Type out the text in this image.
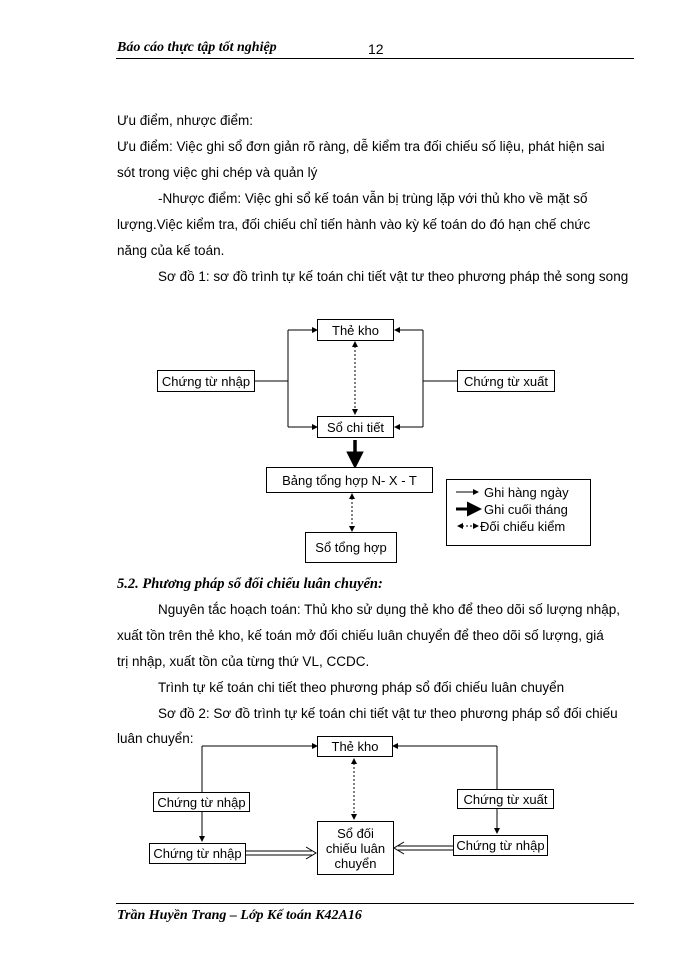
Báo cáo thực tập tốt nghiệp	12
Ưu điểm, nhược điểm:
Ưu điểm: Việc ghi sổ đơn giản rõ ràng, dễ kiểm tra đối chiếu số liệu, phát hiện sai
sót trong việc ghi chép và quản lý
-Nhược điểm: Việc ghi sổ kế toán vẫn bị trùng lặp với thủ kho về mặt số
lượng.Việc kiểm tra, đối chiếu chỉ tiến hành vào kỳ kế toán do đó hạn chế chức
năng của kế toán.
Sơ đồ 1: sơ đồ trình tự kế toán chi tiết vật tư theo phương pháp thẻ song song
Thẻ kho
Chứng từ nhập	Chứng từ xuất
Sổ chi tiết
Bảng tổng hợp N- X - T
Sổ tổng hợp
Ghi hàng ngày
Ghi cuối tháng
Đối chiếu kiểm
5.2. Phương pháp sổ đối chiếu luân chuyển:
Nguyên tắc hoạch toán: Thủ kho sử dụng thẻ kho để theo dõi số lượng nhập,
xuất tồn trên thẻ kho, kế toán mở đối chiếu luân chuyển để theo dõi số lượng, giá
trị nhập, xuất tồn của từng thứ VL, CCDC.
Trình tự kế toán chi tiết theo phương pháp sổ đối chiếu luân chuyển
Sơ đồ 2: Sơ đồ trình tự kế toán chi tiết vật tư theo phương pháp sổ đối chiếu
luân chuyển:
Thẻ kho
Chứng từ nhập	Chứng từ xuất
Chứng từ nhập
Chứng từ nhập
Sổ đối
chiếu luân
chuyển
Trần Huyền Trang – Lớp Kế toán K42A16
